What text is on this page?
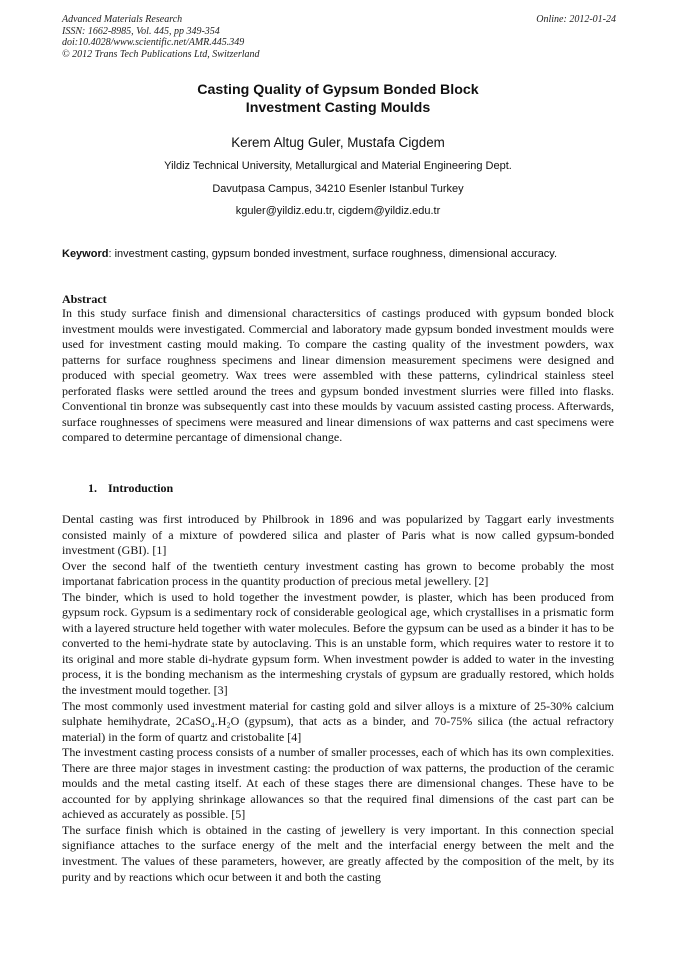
Advanced Materials Research
ISSN: 1662-8985, Vol. 445, pp 349-354
doi:10.4028/www.scientific.net/AMR.445.349
© 2012 Trans Tech Publications Ltd, Switzerland
Online: 2012-01-24
Casting Quality of Gypsum Bonded Block
Investment Casting Moulds
Kerem Altug Guler, Mustafa Cigdem
Yildiz Technical University, Metallurgical and Material Engineering Dept.
Davutpasa Campus, 34210 Esenler Istanbul Turkey
kguler@yildiz.edu.tr, cigdem@yildiz.edu.tr
Keyword: investment casting, gypsum bonded investment, surface roughness, dimensional accuracy.
Abstract

In this study surface finish and dimensional charactersitics of castings produced with gypsum bonded block investment moulds were investigated. Commercial and laboratory made gypsum bonded investment moulds were used for investment casting mould making. To compare the casting quality of the investment powders, wax patterns for surface roughness specimens and linear dimension measurement specimens were designed and produced with special geometry. Wax trees were assembled with these patterns, cylindrical stainless steel perforated flasks were settled around the trees and gypsum bonded investment slurries were filled into flasks. Conventional tin bronze was subsequently cast into these moulds by vacuum assisted casting process. Afterwards, surface roughnesses of specimens were measured and linear dimensions of wax patterns and cast specimens were compared to determine percantage of dimensional change.

1. Introduction

Dental casting was first introduced by Philbrook in 1896 and was popularized by Taggart early investments consisted mainly of a mixture of powdered silica and plaster of Paris what is now called gypsum-bonded investment (GBI). [1]

Over the second half of the twentieth century investment casting has grown to become probably the most importanat fabrication process in the quantity production of precious metal jewellery. [2]

The binder, which is used to hold together the investment powder, is plaster, which has been produced from gypsum rock. Gypsum is a sedimentary rock of considerable geological age, which crystallises in a prismatic form with a layered structure held together with water molecules. Before the gypsum can be used as a binder it has to be converted to the hemi-hydrate state by autoclaving. This is an unstable form, which requires water to restore it to its original and more stable di-hydrate gypsum form. When investment powder is added to water in the investing process, it is the bonding mechanism as the intermeshing crystals of gypsum are gradually restored, which holds the investment mould together. [3]

The most commonly used investment material for casting gold and silver alloys is a mixture of 25-30% calcium sulphate hemihydrate, 2CaSO₄.H₂O (gypsum), that acts as a binder, and 70-75% silica (the actual refractory material) in the form of quartz and cristobalite [4]

The investment casting process consists of a number of smaller processes, each of which has its own complexities. There are three major stages in investment casting: the production of wax patterns, the production of the ceramic moulds and the metal casting itself. At each of these stages there are dimensional changes. These have to be accounted for by applying shrinkage allowances so that the required final dimensions of the cast part can be achieved as accurately as possible. [5]

The surface finish which is obtained in the casting of jewellery is very important. In this connection special signifiance attaches to the surface energy of the melt and the interfacial energy between the melt and the investment. The values of these parameters, however, are greatly affected by the composition of the melt, by its purity and by reactions which ocur between it and both the casting
